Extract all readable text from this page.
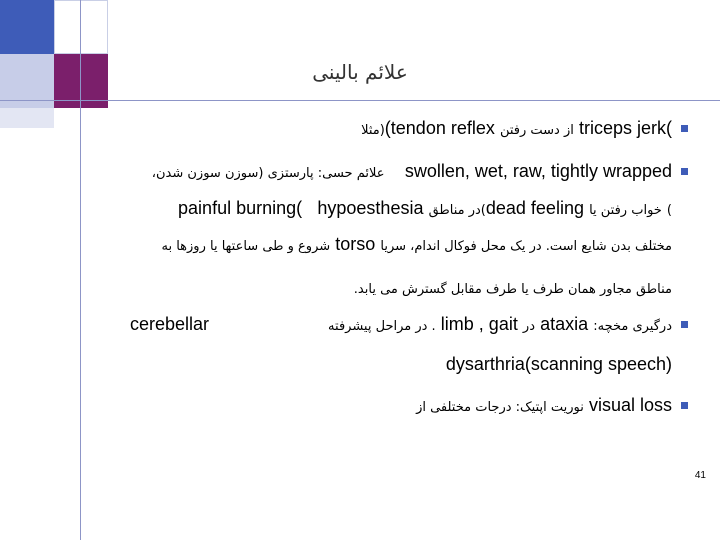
علائم بالینی
از دست رفتن tendon reflex((مثلا	triceps jerk(
علائم حسی: پارستزی (سوزن سوزن شدن، swollen, wet, raw, tightly wrapped
painful burning( hypoesthesia	) خواب رفتن یا dead feeling)در مناطق
مختلف بدن شایع است. در یک محل فوکال اندام، سریا torso شروع و طی ساعتها یا روزها به
مناطق مجاور همان طرف یا طرف مقابل گسترش می یابد.
درگیری مخچه: ataxia در limb , gait . در مراحل پیشرفته
cerebellar
dysarthria(scanning speech)
نوریت اپتیک: درجات مختلفی از visual loss
41
